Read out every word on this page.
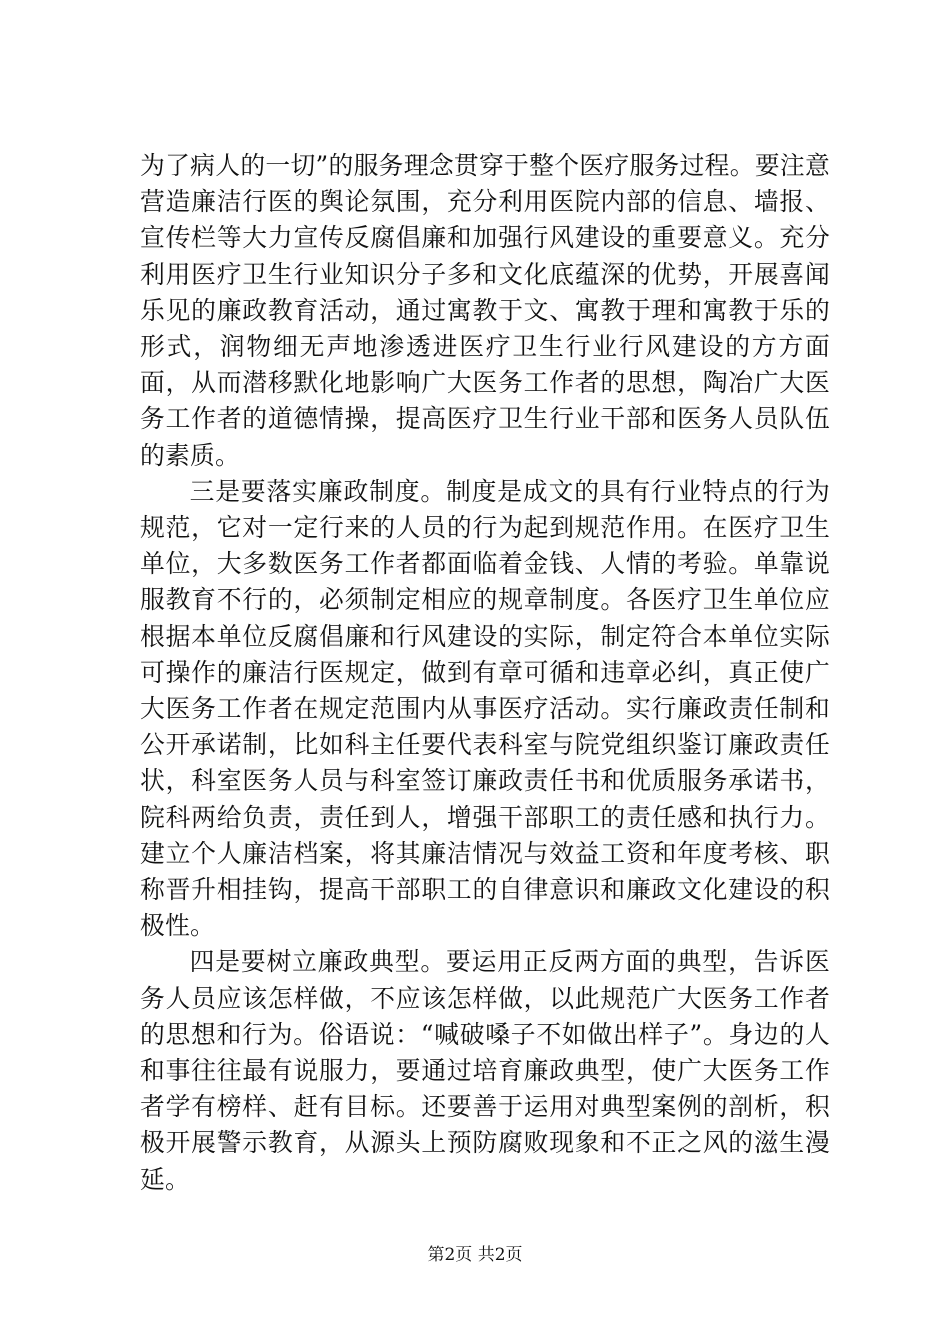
为了病人的一切”的服务理念贯穿于整个医疗服务过程。要注意营造廉洁行医的舆论氛围，充分利用医院内部的信息、墙报、宣传栏等大力宣传反腐倡廉和加强行风建设的重要意义。充分利用医疗卫生行业知识分子多和文化底蕴深的优势，开展喜闻乐见的廉政教育活动，通过寓教于文、寓教于理和寓教于乐的形式，润物细无声地渗透进医疗卫生行业行风建设的方方面面，从而潜移默化地影响广大医务工作者的思想，陶冶广大医务工作者的道德情操，提高医疗卫生行业干部和医务人员队伍的素质。

三是要落实廉政制度。制度是成文的具有行业特点的行为规范，它对一定行来的人员的行为起到规范作用。在医疗卫生单位，大多数医务工作者都面临着金钱、人情的考验。单靠说服教育不行的，必须制定相应的规章制度。各医疗卫生单位应根据本单位反腐倡廉和行风建设的实际，制定符合本单位实际可操作的廉洁行医规定，做到有章可循和违章必纠，真正使广大医务工作者在规定范围内从事医疗活动。实行廉政责任制和公开承诺制，比如科主任要代表科室与院党组织鉴订廉政责任状，科室医务人员与科室签订廉政责任书和优质服务承诺书，院科两给负责，责任到人，增强干部职工的责任感和执行力。建立个人廉洁档案，将其廉洁情况与效益工资和年度考核、职称晋升相挂钩，提高干部职工的自律意识和廉政文化建设的积极性。

四是要树立廉政典型。要运用正反两方面的典型，告诉医务人员应该怎样做，不应该怎样做，以此规范广大医务工作者的思想和行为。俗语说：“喊破嗓子不如做出样子”。身边的人和事往往最有说服力，要通过培育廉政典型，使广大医务工作者学有榜样、赶有目标。还要善于运用对典型案例的剖析，积极开展警示教育，从源头上预防腐败现象和不正之风的滋生漫延。

第2页 共2页
